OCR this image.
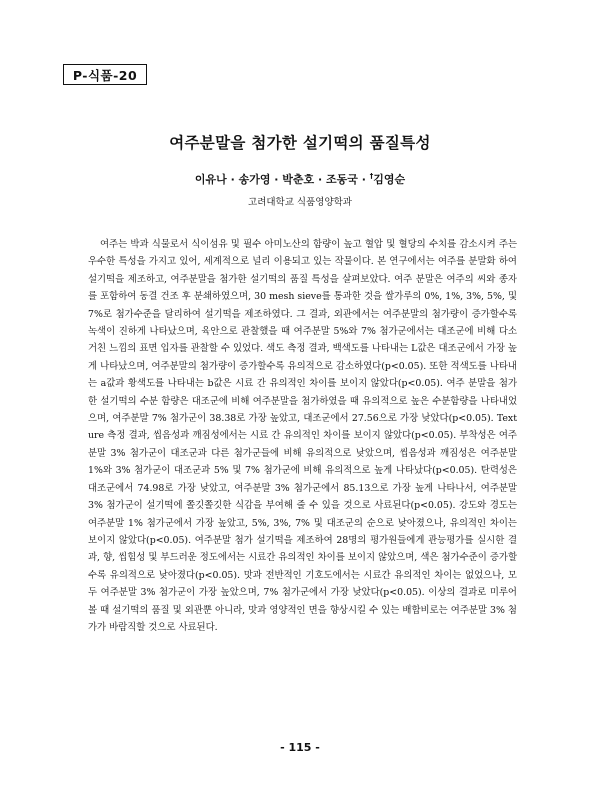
P-식품-20
여주분말을 첨가한 설기떡의 품질특성
이유나 · 송가영 · 박춘호 · 조동국 · †김영순
고려대학교 식품영양학과

여주는 박과 식물로서 식이섬유 및 필수 아미노산의 함량이 높고 혈압 및 혈당의 수치를 감소시켜 주는 우수한 특성을 가지고 있어, 세계적으로 널리 이용되고 있는 작물이다. 본 연구에서는 여주를 분말화 하여 설기떡을 제조하고, 여주분말을 첨가한 설기떡의 품질 특성을 살펴보았다. 여주 분말은 여주의 씨와 종자를 포함하여 동결 건조 후 분쇄하였으며, 30 mesh sieve를 통과한 것을 쌀가루의 0%, 1%, 3%, 5%, 및 7%로 첨가수준을 달리하여 설기떡을 제조하였다. 그 결과, 외관에서는 여주분말의 첨가량이 증가할수록 녹색이 진하게 나타났으며, 육안으로 관찰했을 때 여주분말 5%와 7% 첨가군에서는 대조군에 비해 다소 거친 느낌의 표면 입자를 관찰할 수 있었다. 색도 측정 결과, 백색도를 나타내는 L값은 대조군에서 가장 높게 나타났으며, 여주분말의 첨가량이 증가할수록 유의적으로 감소하였다(p<0.05). 또한 적색도를 나타내는 a값과 황색도를 나타내는 b값은 시료 간 유의적인 차이를 보이지 않았다(p<0.05). 여주 분말을 첨가한 설기떡의 수분 함량은 대조군에 비해 여주분말을 첨가하였을 때 유의적으로 높은 수분함량을 나타내었으며, 여주분말 7% 첨가군이 38.38로 가장 높았고, 대조군에서 27.56으로 가장 낮았다(p<0.05). Texture 측정 결과, 씹음성과 깨짐성에서는 시료 간 유의적인 차이를 보이지 않았다(p<0.05). 부착성은 여주분말 3% 첨가군이 대조군과 다른 첨가군들에 비해 유의적으로 낮았으며, 씹음성과 깨짐성은 여주분말 1%와 3% 첨가군이 대조군과 5% 및 7% 첨가군에 비해 유의적으로 높게 나타났다(p<0.05). 탄력성은 대조군에서 74.98로 가장 낮았고, 여주분말 3% 첨가군에서 85.13으로 가장 높게 나타나서, 여주분말 3% 첨가군이 설기떡에 쫄깃쫄깃한 식감을 부여해 줄 수 있을 것으로 사료된다(p<0.05). 강도와 경도는 여주분말 1% 첨가군에서 가장 높았고, 5%, 3%, 7% 및 대조군의 순으로 낮아졌으나, 유의적인 차이는 보이지 않았다(p<0.05). 여주분말 첨가 설기떡을 제조하여 28명의 평가원들에게 관능평가를 실시한 결과, 향, 씹힘성 및 부드러운 정도에서는 시료간 유의적인 차이를 보이지 않았으며, 색은 첨가수준이 증가할수록 유의적으로 낮아졌다(p<0.05). 맛과 전반적인 기호도에서는 시료간 유의적인 차이는 없었으나, 모두 여주분말 3% 첨가군이 가장 높았으며, 7% 첨가군에서 가장 낮았다(p<0.05). 이상의 결과로 미루어 볼 때 설기떡의 품질 및 외관뿐 아니라, 맛과 영양적인 면을 향상시킬 수 있는 배합비로는 여주분말 3% 첨가가 바람직할 것으로 사료된다.

- 115 -
